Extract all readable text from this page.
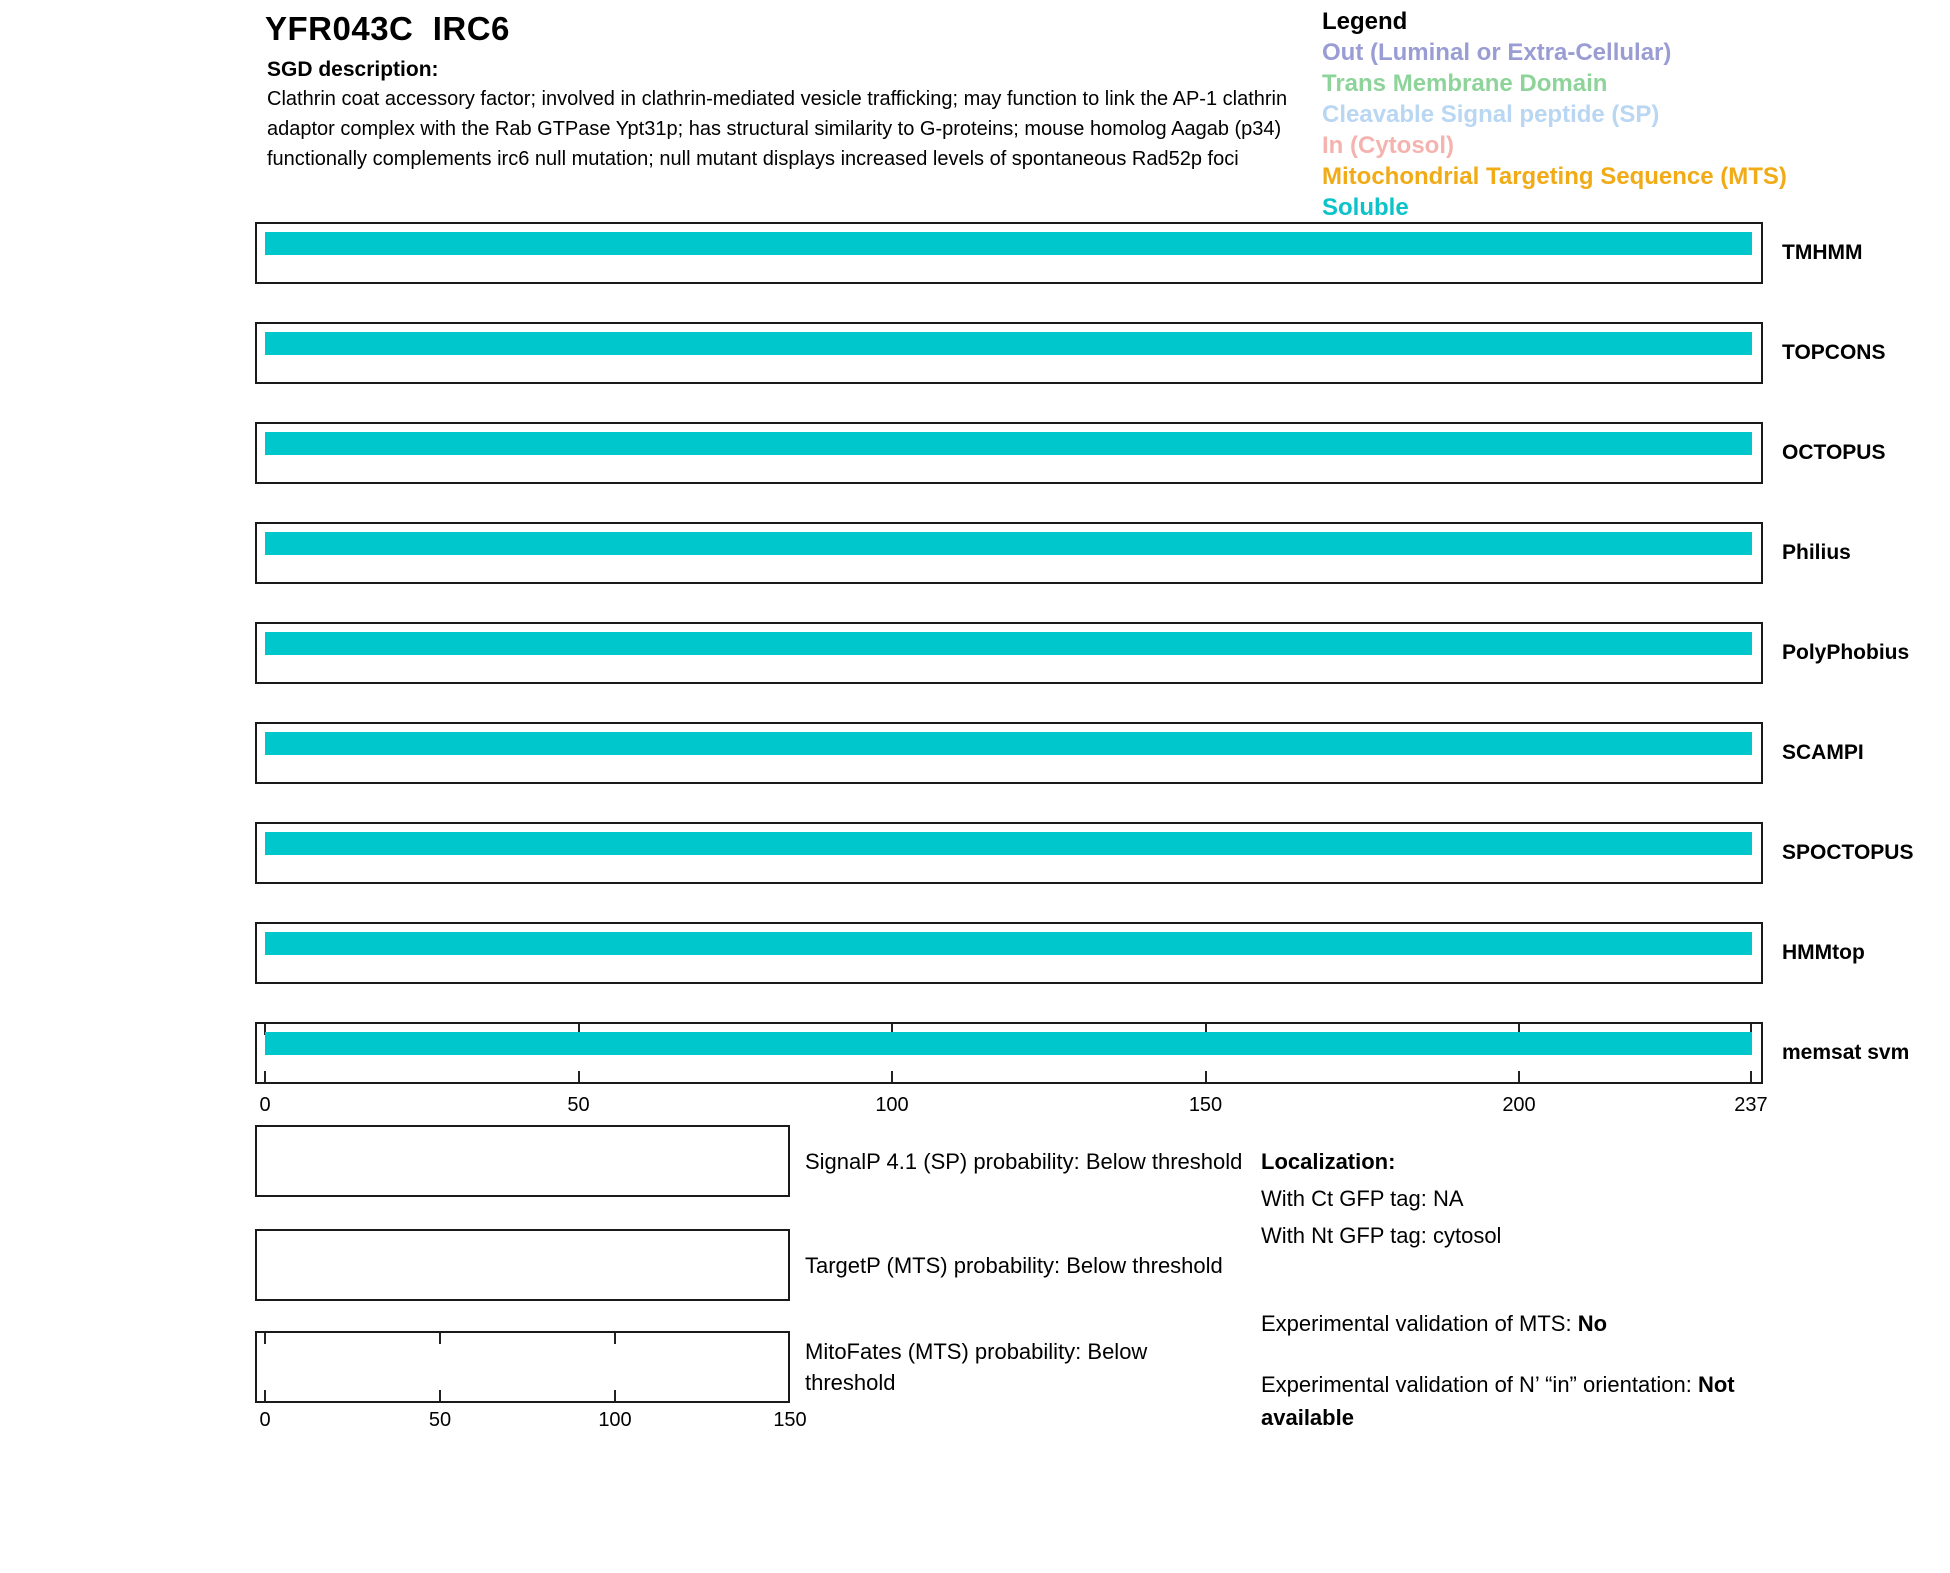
YFR043C  IRC6
SGD description:
Clathrin coat accessory factor; involved in clathrin-mediated vesicle trafficking; may function to link the AP-1 clathrin adaptor complex with the Rab GTPase Ypt31p; has structural similarity to G-proteins; mouse homolog Aagab (p34) functionally complements irc6 null mutation; null mutant displays increased levels of spontaneous Rad52p foci
Legend
Out (Luminal or Extra-Cellular)
Trans Membrane Domain
Cleavable Signal peptide (SP)
In (Cytosol)
Mitochondrial Targeting Sequence (MTS)
Soluble
TMHMM
TOPCONS
OCTOPUS
Philius
PolyPhobius
SCAMPI
SPOCTOPUS
HMMtop
memsat svm
0	50	100	150	200	237
SignalP 4.1 (SP) probability: Below threshold
TargetP (MTS) probability: Below threshold
MitoFates (MTS) probability: Below threshold
0	50	100	150
Localization:
With Ct GFP tag: NA
With Nt GFP tag: cytosol
Experimental validation of MTS: No
Experimental validation of N’ “in” orientation: Not available
